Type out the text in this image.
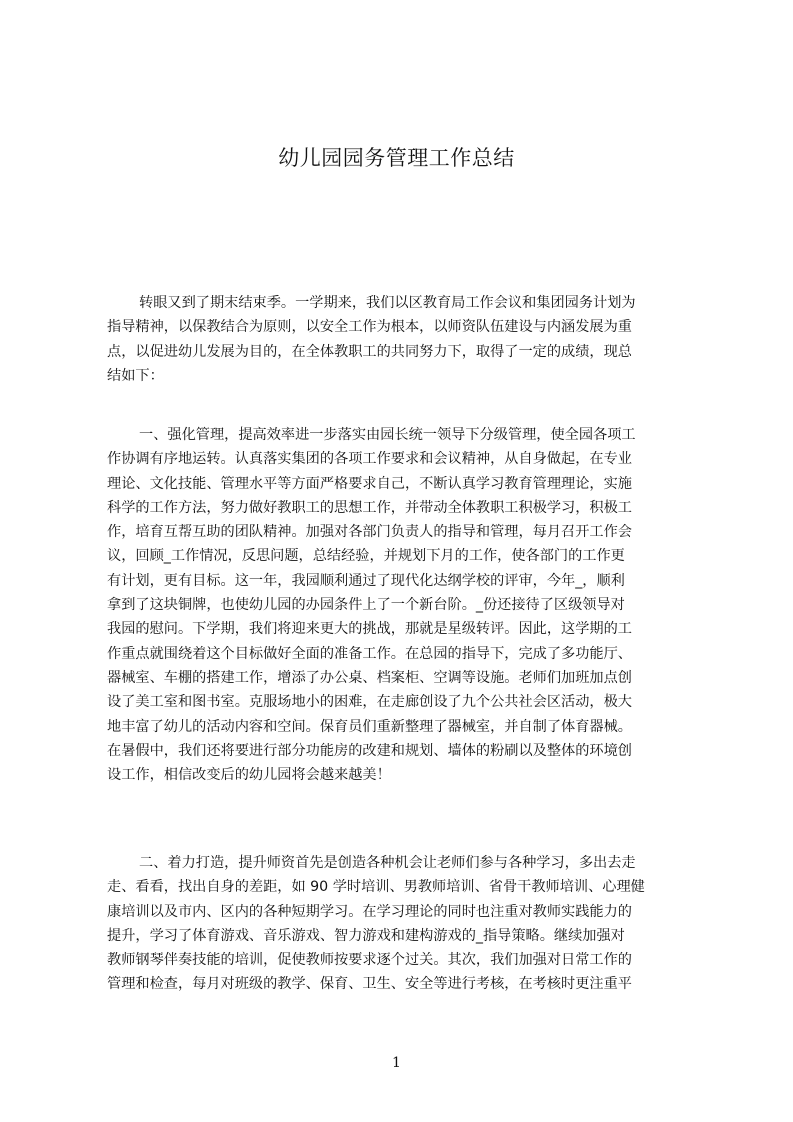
幼儿园园务管理工作总结
转眼又到了期末结束季。一学期来，我们以区教育局工作会议和集团园务计划为
指导精神，以保教结合为原则，以安全工作为根本，以师资队伍建设与内涵发展为重
点，以促进幼儿发展为目的，在全体教职工的共同努力下，取得了一定的成绩，现总
结如下：
一、强化管理，提高效率进一步落实由园长统一领导下分级管理，使全园各项工
作协调有序地运转。认真落实集团的各项工作要求和会议精神，从自身做起，在专业
理论、文化技能、管理水平等方面严格要求自己，不断认真学习教育管理理论，实施
科学的工作方法，努力做好教职工的思想工作，并带动全体教职工积极学习，积极工
作，培育互帮互助的团队精神。加强对各部门负责人的指导和管理，每月召开工作会
议，回顾_工作情况，反思问题，总结经验，并规划下月的工作，使各部门的工作更
有计划，更有目标。这一年，我园顺利通过了现代化达纲学校的评审，今年_，顺利
拿到了这块铜牌，也使幼儿园的办园条件上了一个新台阶。_份还接待了区级领导对
我园的慰问。下学期，我们将迎来更大的挑战，那就是星级转评。因此，这学期的工
作重点就围绕着这个目标做好全面的准备工作。在总园的指导下，完成了多功能厅、
器械室、车棚的搭建工作，增添了办公桌、档案柜、空调等设施。老师们加班加点创
设了美工室和图书室。克服场地小的困难，在走廊创设了九个公共社会区活动，极大
地丰富了幼儿的活动内容和空间。保育员们重新整理了器械室，并自制了体育器械。
在暑假中，我们还将要进行部分功能房的改建和规划、墙体的粉刷以及整体的环境创
设工作，相信改变后的幼儿园将会越来越美！
二、着力打造，提升师资首先是创造各种机会让老师们参与各种学习，多出去走
走、看看，找出自身的差距，如 90 学时培训、男教师培训、省骨干教师培训、心理健
康培训以及市内、区内的各种短期学习。在学习理论的同时也注重对教师实践能力的
提升，学习了体育游戏、音乐游戏、智力游戏和建构游戏的_指导策略。继续加强对
教师钢琴伴奏技能的培训，促使教师按要求逐个过关。其次，我们加强对日常工作的
管理和检查，每月对班级的教学、保育、卫生、安全等进行考核，在考核时更注重平
1
